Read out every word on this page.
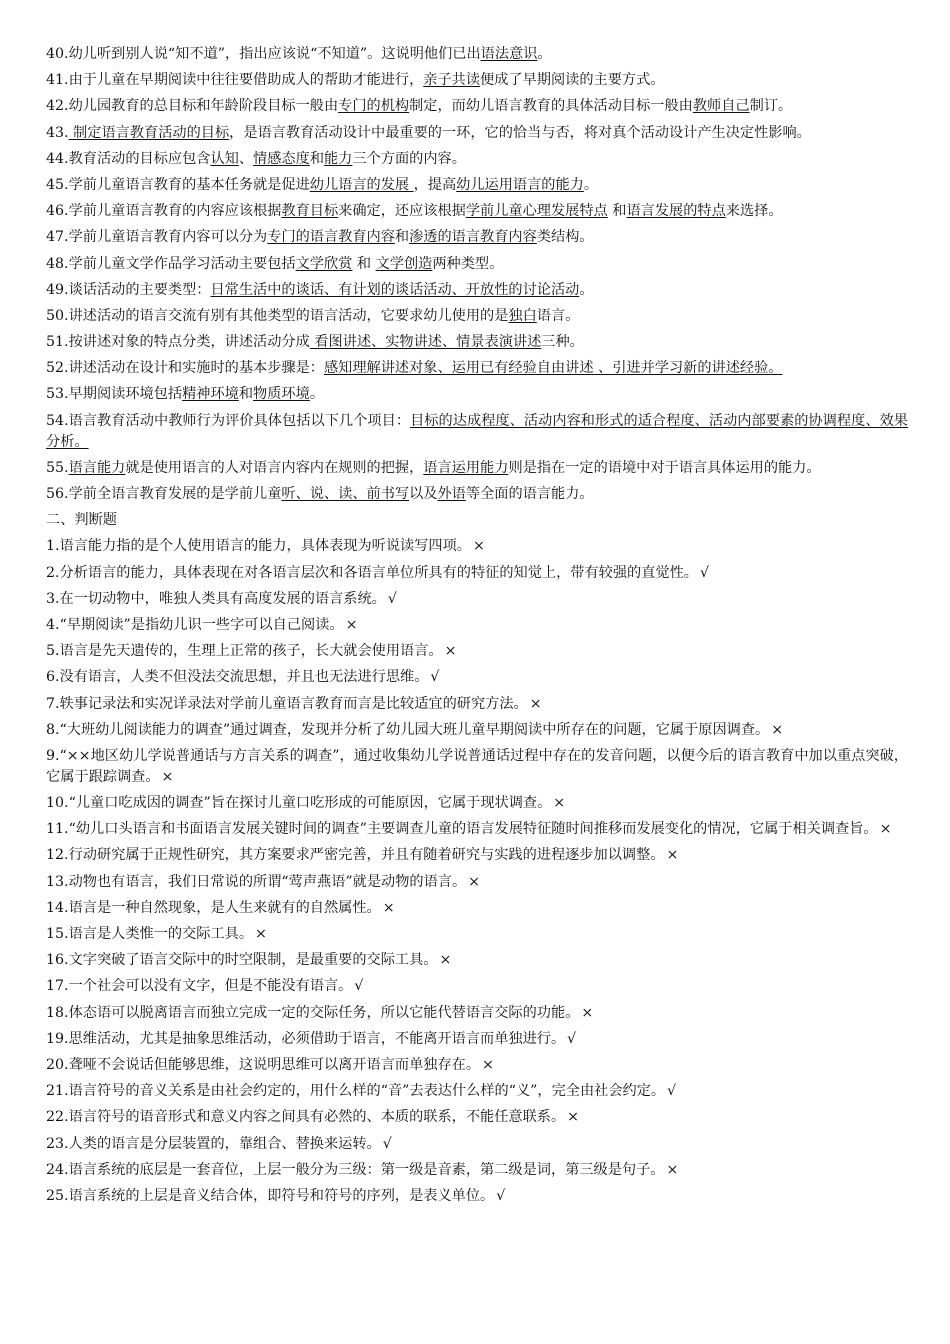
40.幼儿听到别人说“知不道”，指出应该说“不知道”。这说明他们已出语法意识。
41.由于儿童在早期阅读中往往要借助成人的帮助才能进行，亲子共读便成了早期阅读的主要方式。
42.幼儿园教育的总目标和年龄阶段目标一般由专门的机构制定，而幼儿语言教育的具体活动目标一般由教师自己制订。
43. 制定语言教育活动的目标，是语言教育活动设计中最重要的一环，它的恰当与否，将对真个活动设计产生决定性影响。
44.教育活动的目标应包含认知、情感态度和能力三个方面的内容。
45.学前儿童语言教育的基本任务就是促进幼儿语言的发展 ，提高幼儿运用语言的能力。
46.学前儿童语言教育的内容应该根据教育目标来确定，还应该根据学前儿童心理发展特点 和语言发展的特点来选择。
47.学前儿童语言教育内容可以分为专门的语言教育内容和渗透的语言教育内容类结构。
48.学前儿童文学作品学习活动主要包括文学欣赏 和 文学创造两种类型。
49.谈话活动的主要类型：日常生活中的谈话、有计划的谈话活动、开放性的讨论活动。
50.讲述活动的语言交流有别有其他类型的语言活动，它要求幼儿使用的是独白语言。
51.按讲述对象的特点分类，讲述活动分成 看图讲述、实物讲述、情景表演讲述三种。
52.讲述活动在设计和实施时的基本步骤是：感知理解讲述对象、运用已有经验自由讲述 、引进并学习新的讲述经验。
53.早期阅读环境包括精神环境和物质环境。
54.语言教育活动中教师行为评价具体包括以下几个项目：目标的达成程度、活动内容和形式的适合程度、活动内部要素的协调程度、效果分析。
55.语言能力就是使用语言的人对语言内容内在规则的把握，语言运用能力则是指在一定的语境中对于语言具体运用的能力。
56.学前全语言教育发展的是学前儿童听、说、读、前书写以及外语等全面的语言能力。
二、判断题
1.语言能力指的是个人使用语言的能力，具体表现为听说读写四项。 ×
2.分析语言的能力，具体表现在对各语言层次和各语言单位所具有的特征的知觉上，带有较强的直觉性。 √
3.在一切动物中，唯独人类具有高度发展的语言系统。 √
4.“早期阅读”是指幼儿识一些字可以自己阅读。 ×
5.语言是先天遗传的，生理上正常的孩子，长大就会使用语言。 ×
6.没有语言，人类不但没法交流思想，并且也无法进行思维。 √
7.轶事记录法和实况详录法对学前儿童语言教育而言是比较适宜的研究方法。 ×
8.“大班幼儿阅读能力的调查”通过调查，发现并分析了幼儿园大班儿童早期阅读中所存在的问题，它属于原因调查。 ×
9.“××地区幼儿学说普通话与方言关系的调查”，通过收集幼儿学说普通话过程中存在的发音问题，以便今后的语言教育中加以重点突破，它属于跟踪调查。 ×
10.“儿童口吃成因的调查”旨在探讨儿童口吃形成的可能原因，它属于现状调查。 ×
11.“幼儿口头语言和书面语言发展关键时间的调查”主要调查儿童的语言发展特征随时间推移而发展变化的情况，它属于相关调查旨。 ×
12.行动研究属于正规性研究，其方案要求严密完善，并且有随着研究与实践的进程逐步加以调整。 ×
13.动物也有语言，我们日常说的所谓“莺声燕语”就是动物的语言。 ×
14.语言是一种自然现象，是人生来就有的自然属性。 ×
15.语言是人类惟一的交际工具。 ×
16.文字突破了语言交际中的时空限制，是最重要的交际工具。 ×
17.一个社会可以没有文字，但是不能没有语言。 √
18.体态语可以脱离语言而独立完成一定的交际任务，所以它能代替语言交际的功能。 ×
19.思维活动，尤其是抽象思维活动，必须借助于语言，不能离开语言而单独进行。 √
20.聋哑不会说话但能够思维，这说明思维可以离开语言而单独存在。 ×
21.语言符号的音义关系是由社会约定的，用什么样的“音”去表达什么样的“义”，完全由社会约定。 √
22.语言符号的语音形式和意义内容之间具有必然的、本质的联系，不能任意联系。 ×
23.人类的语言是分层装置的，靠组合、替换来运转。 √
24.语言系统的底层是一套音位，上层一般分为三级：第一级是音素，第二级是词，第三级是句子。 ×
25.语言系统的上层是音义结合体，即符号和符号的序列，是表义单位。 √
